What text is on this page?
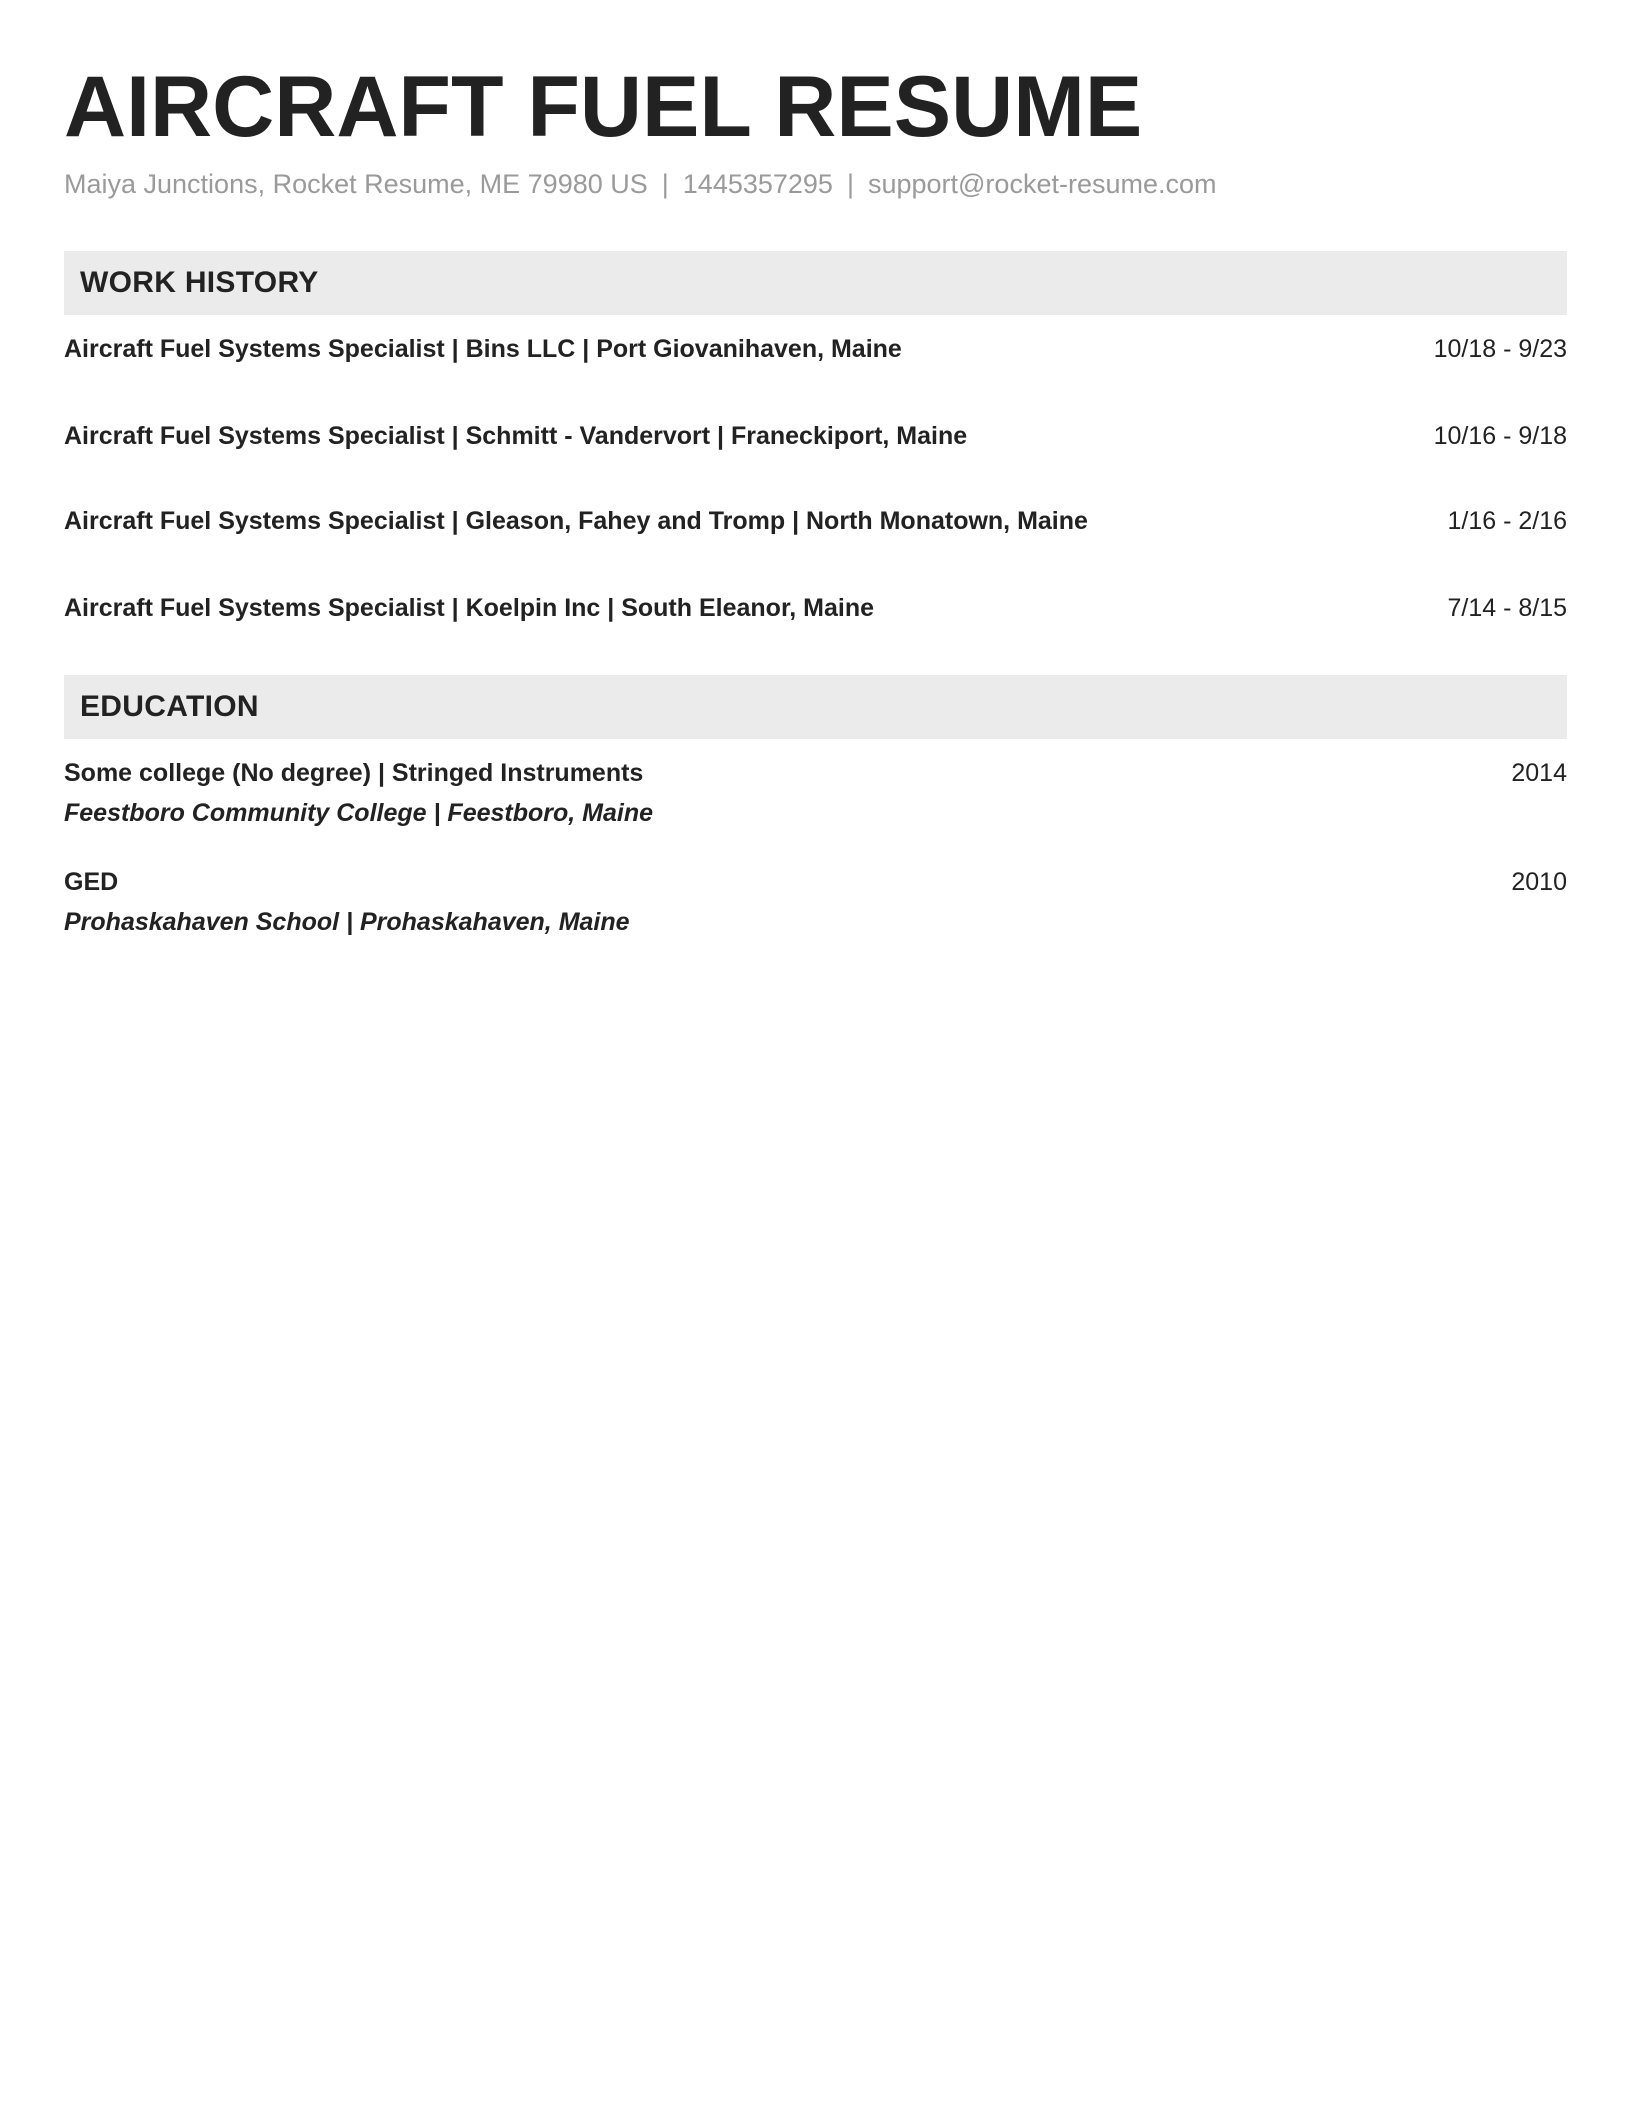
AIRCRAFT FUEL RESUME
Maiya Junctions, Rocket Resume, ME 79980 US | 1445357295 | support@rocket-resume.com
WORK HISTORY
Aircraft Fuel Systems Specialist | Bins LLC | Port Giovanihaven, Maine	10/18 - 9/23
Aircraft Fuel Systems Specialist | Schmitt - Vandervort | Franeckiport, Maine	10/16 - 9/18
Aircraft Fuel Systems Specialist | Gleason, Fahey and Tromp | North Monatown, Maine	1/16 - 2/16
Aircraft Fuel Systems Specialist | Koelpin Inc | South Eleanor, Maine	7/14 - 8/15
EDUCATION
Some college (No degree) | Stringed Instruments	2014
Feestboro Community College | Feestboro, Maine
GED	2010
Prohaskahaven School | Prohaskahaven, Maine
